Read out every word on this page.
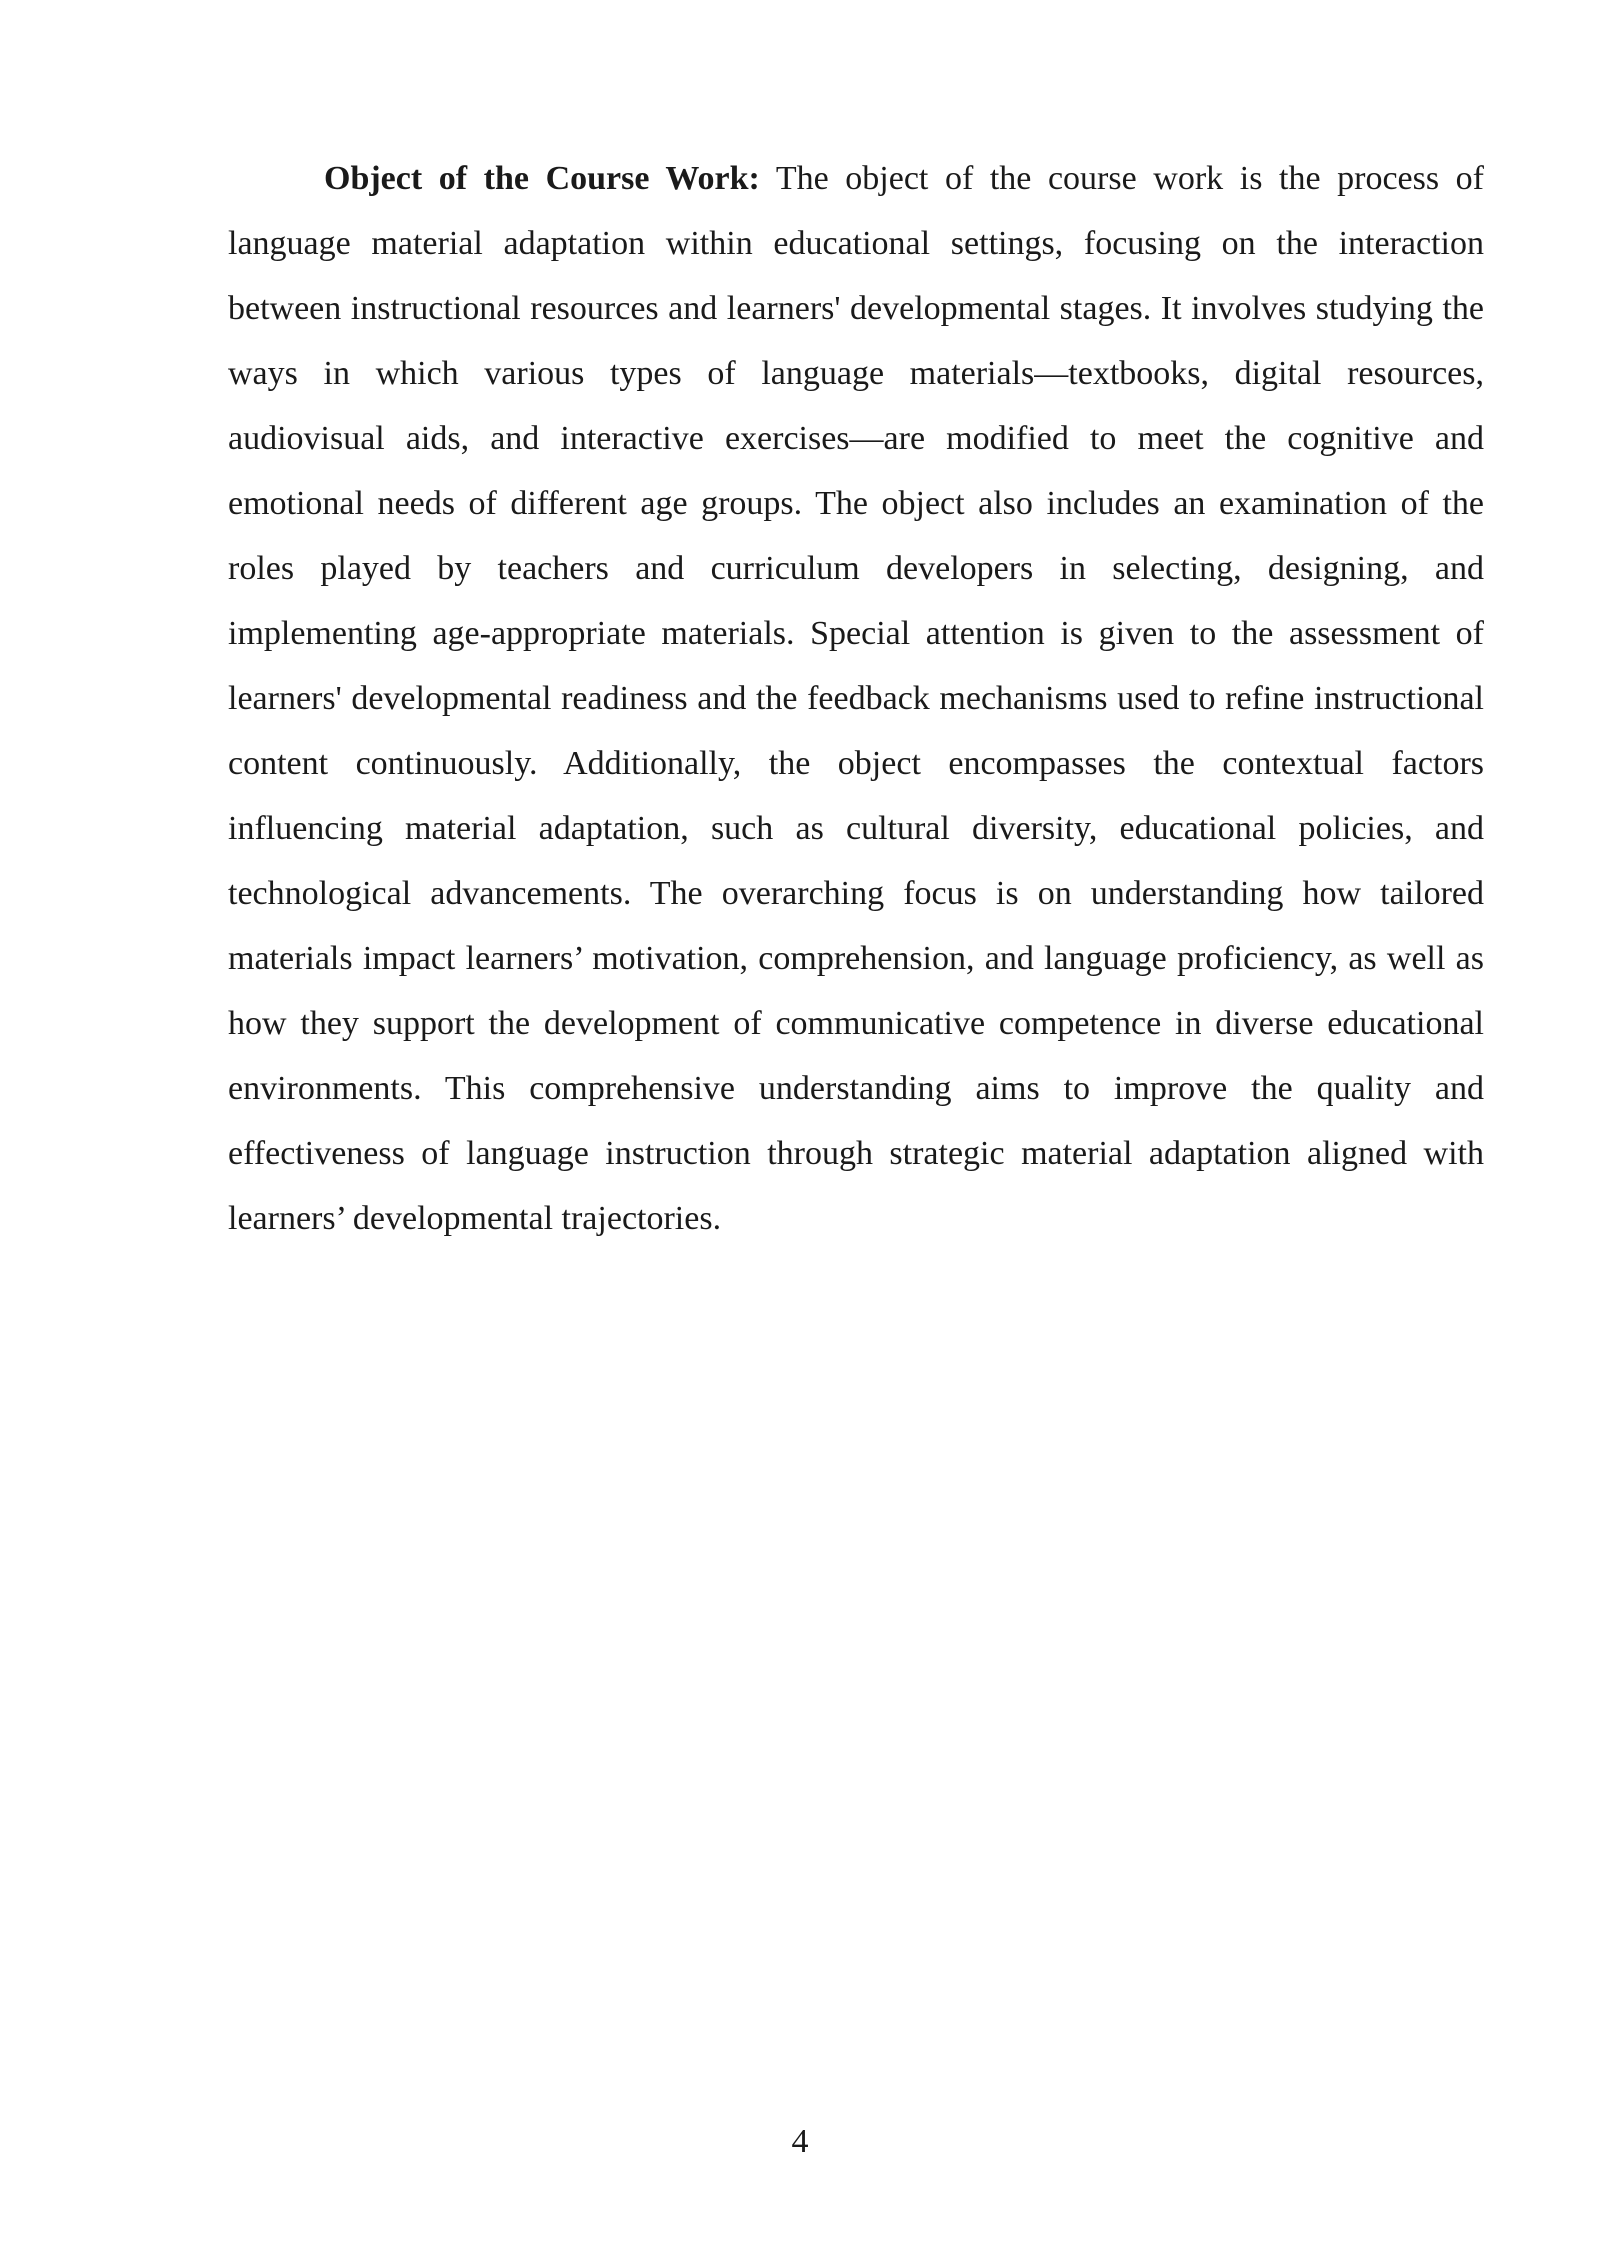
Object of the Course Work: The object of the course work is the process of language material adaptation within educational settings, focusing on the interaction between instructional resources and learners' developmental stages. It involves studying the ways in which various types of language materials—textbooks, digital resources, audiovisual aids, and interactive exercises—are modified to meet the cognitive and emotional needs of different age groups. The object also includes an examination of the roles played by teachers and curriculum developers in selecting, designing, and implementing age-appropriate materials. Special attention is given to the assessment of learners' developmental readiness and the feedback mechanisms used to refine instructional content continuously. Additionally, the object encompasses the contextual factors influencing material adaptation, such as cultural diversity, educational policies, and technological advancements. The overarching focus is on understanding how tailored materials impact learners’ motivation, comprehension, and language proficiency, as well as how they support the development of communicative competence in diverse educational environments. This comprehensive understanding aims to improve the quality and effectiveness of language instruction through strategic material adaptation aligned with learners’ developmental trajectories.

4
